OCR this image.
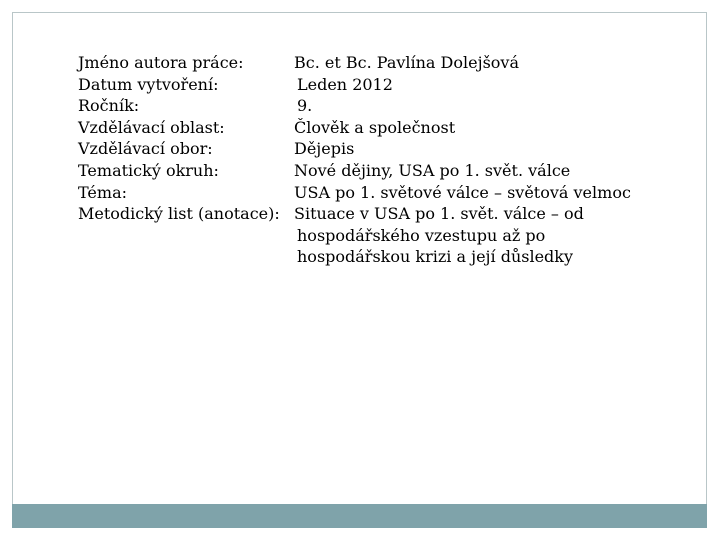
Jméno autora práce:	Bc. et Bc. Pavlína Dolejšová
Datum vytvoření:	Leden 2012
Ročník:	9.
Vzdělávací oblast:	Člověk a společnost
Vzdělávací obor:	Dějepis
Tematický okruh:	Nové dějiny, USA po 1. svět. válce
Téma:	USA po 1. světové válce – světová velmoc
Metodický list (anotace): Situace v USA po 1. svět. válce – od
hospodářského vzestupu až po
hospodářskou krizi a její důsledky
